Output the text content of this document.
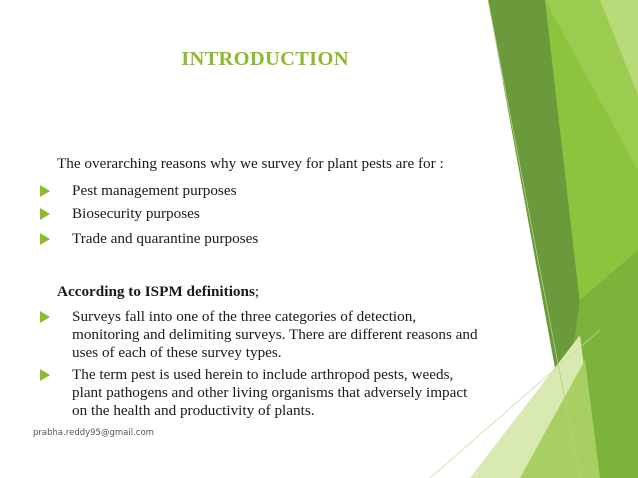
INTRODUCTION
The overarching reasons why we survey for plant pests are for :
Pest management purposes
Biosecurity purposes
Trade and quarantine purposes
According to ISPM definitions;
Surveys fall into one of the three categories of detection,
monitoring and delimiting surveys. There are different reasons and
uses of each of these survey types.
The term pest is used herein to include arthropod pests, weeds,
plant pathogens and other living organisms that adversely impact
on the health and productivity of plants.
prabha.reddy95@gmail.com
